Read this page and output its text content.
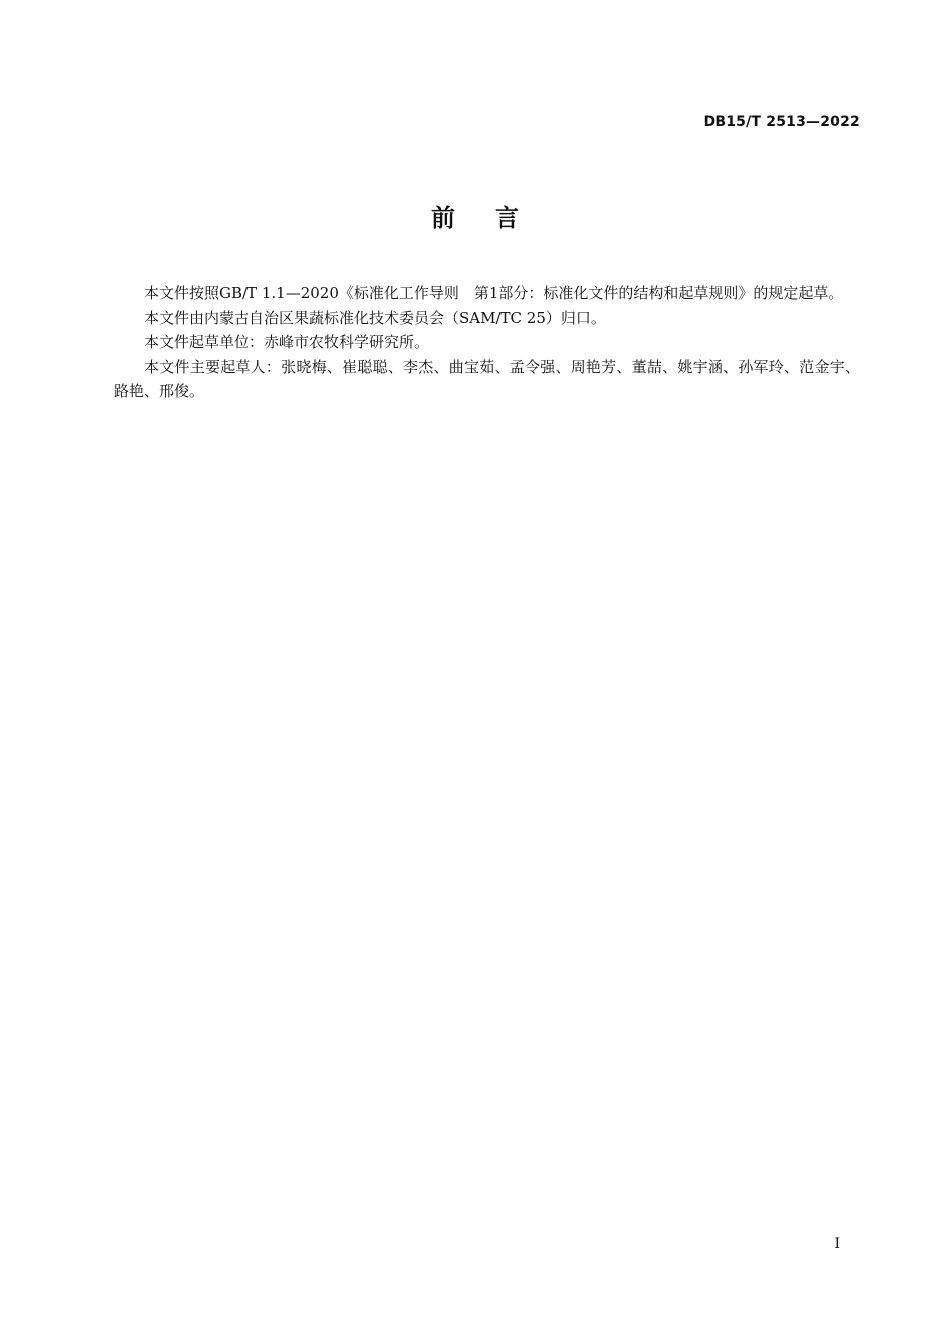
DB15/T 2513—2022
前言

本文件按照GB/T 1.1—2020《标准化工作导则　第1部分：标准化文件的结构和起草规则》的规定起草。

本文件由内蒙古自治区果蔬标准化技术委员会（SAM/TC 25）归口。

本文件起草单位：赤峰市农牧科学研究所。

本文件主要起草人：张晓梅、崔聪聪、李杰、曲宝茹、孟令强、周艳芳、董喆、姚宇涵、孙军玲、范金宇、路艳、邢俊。

I
